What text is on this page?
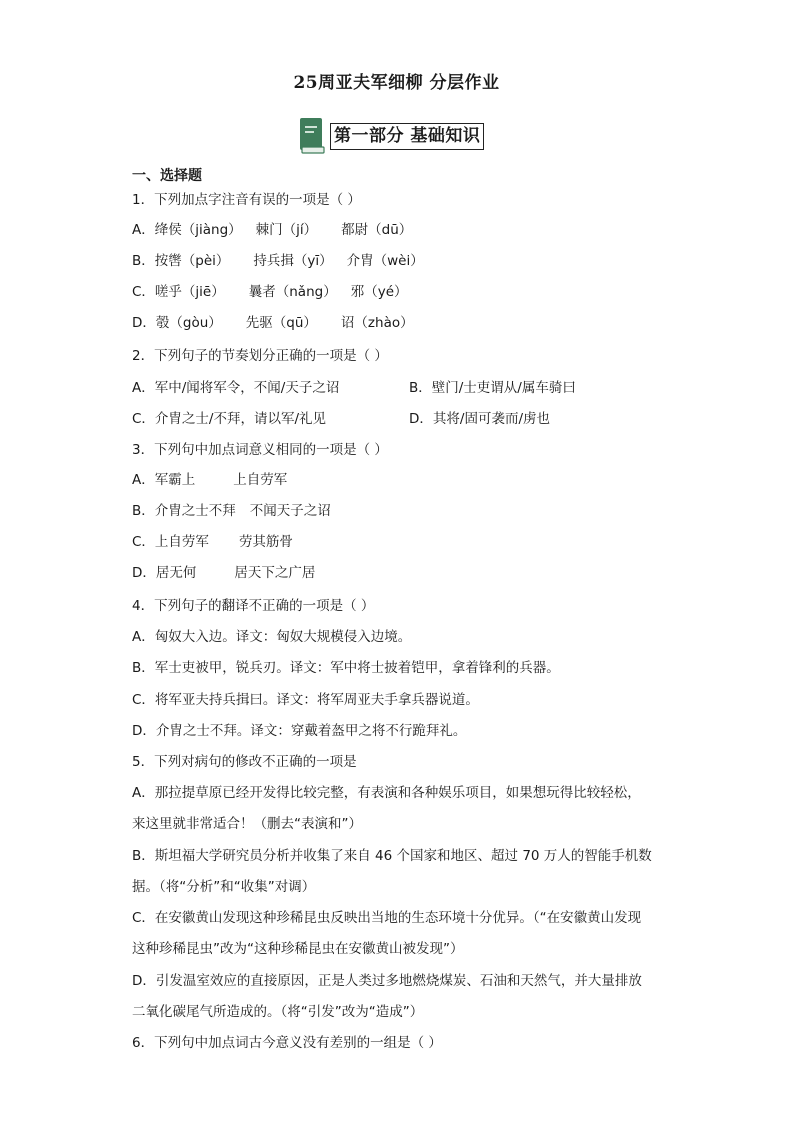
25周亚夫军细柳 分层作业
第一部分 基础知识
一、选择题
1．下列加点字注音有误的一项是（ ）
A．绛侯（jiàng） 棘门（jí） 都尉（dū）
B．按辔（pèi） 持兵揖（yī） 介胄（wèi）
C．嗟乎（jiē） 曩者（nǎng） 邪（yé）
D．彀（gòu） 先驱（qū） 诏（zhào）
2．下列句子的节奏划分正确的一项是（ ）
A．军中/闻将军令，不闻/天子之诏	B．壁门/士吏谓从/属车骑曰
C．介胄之士/不拜，请以军/礼见	D．其将/固可袭而/虏也
3．下列句中加点词意义相同的一项是（ ）
A．军霸上	上自劳军
B．介胄之士不拜 不闻天子之诏
C．上自劳军 劳其筋骨
D．居无何	居天下之广居
4．下列句子的翻译不正确的一项是（ ）
A．匈奴大入边。译文：匈奴大规模侵入边境。
B．军士吏被甲，锐兵刃。译文：军中将士披着铠甲，拿着锋利的兵器。
C．将军亚夫持兵揖曰。译文：将军周亚夫手拿兵器说道。
D．介胄之士不拜。译文：穿戴着盔甲之将不行跪拜礼。
5．下列对病句的修改不正确的一项是
A．那拉提草原已经开发得比较完整，有表演和各种娱乐项目，如果想玩得比较轻松，
来这里就非常适合！（删去“表演和”）
B．斯坦福大学研究员分析并收集了来自 46 个国家和地区、超过 70 万人的智能手机数
据。（将“分析”和“收集”对调）
C．在安徽黄山发现这种珍稀昆虫反映出当地的生态环境十分优异。（“在安徽黄山发现
这种珍稀昆虫”改为“这种珍稀昆虫在安徽黄山被发现”）
D．引发温室效应的直接原因，正是人类过多地燃烧煤炭、石油和天然气，并大量排放
二氧化碳尾气所造成的。（将“引发”改为“造成”）
6．下列句中加点词古今意义没有差别的一组是（ ）
